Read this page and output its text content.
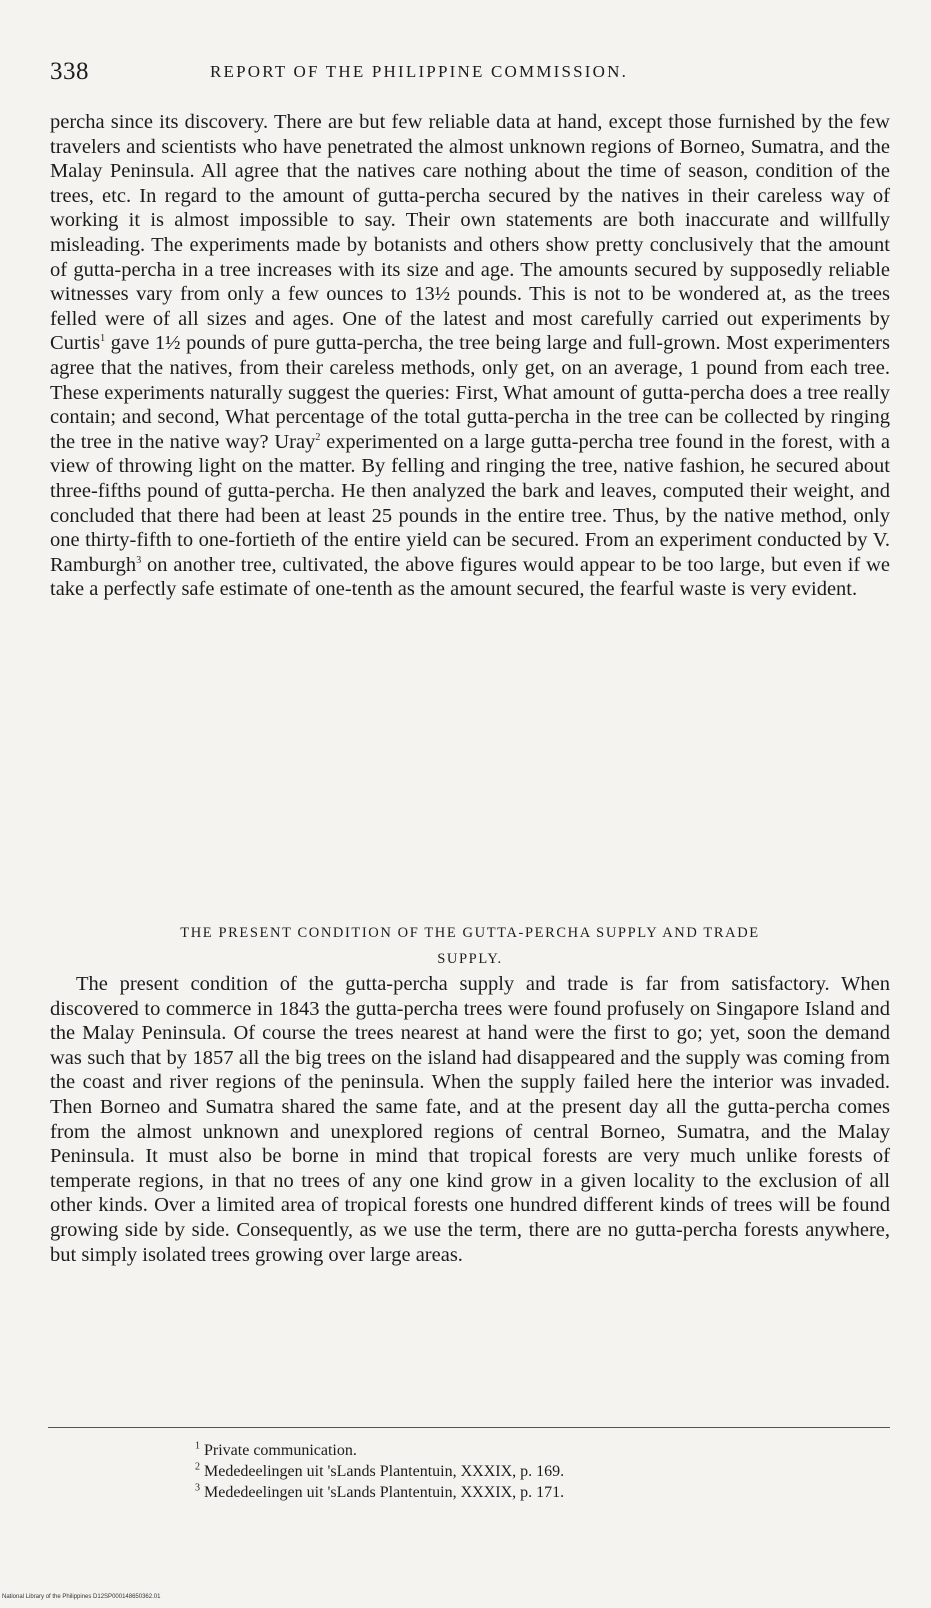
338	REPORT OF THE PHILIPPINE COMMISSION.

percha since its discovery. There are but few reliable data at hand, except those furnished by the few travelers and scientists who have penetrated the almost unknown regions of Borneo, Sumatra, and the Malay Peninsula. All agree that the natives care nothing about the time of season, condition of the trees, etc. In regard to the amount of gutta-percha secured by the natives in their careless way of working it is almost impossible to say. Their own statements are both inaccurate and willfully misleading. The experiments made by botanists and others show pretty conclusively that the amount of gutta-percha in a tree increases with its size and age. The amounts secured by supposedly reliable witnesses vary from only a few ounces to 13½ pounds. This is not to be wondered at, as the trees felled were of all sizes and ages. One of the latest and most carefully carried out experiments by Curtis$^1$ gave 1½ pounds of pure gutta-percha, the tree being large and full-grown. Most experimenters agree that the natives, from their careless methods, only get, on an average, 1 pound from each tree. These experiments naturally suggest the queries: First, What amount of gutta-percha does a tree really contain; and second, What percentage of the total gutta-percha in the tree can be collected by ringing the tree in the native way? Uray$^2$ experimented on a large gutta-percha tree found in the forest, with a view of throwing light on the matter. By felling and ringing the tree, native fashion, he secured about three-fifths pound of gutta-percha. He then analyzed the bark and leaves, computed their weight, and concluded that there had been at least 25 pounds in the entire tree. Thus, by the native method, only one thirty-fifth to one-fortieth of the entire yield can be secured. From an experiment conducted by V. Ramburgh$^3$ on another tree, cultivated, the above figures would appear to be too large, but even if we take a perfectly safe estimate of one-tenth as the amount secured, the fearful waste is very evident.

THE PRESENT CONDITION OF THE GUTTA-PERCHA SUPPLY AND TRADE
SUPPLY.

The present condition of the gutta-percha supply and trade is far from satisfactory. When discovered to commerce in 1843 the gutta-percha trees were found profusely on Singapore Island and the Malay Peninsula. Of course the trees nearest at hand were the first to go; yet, soon the demand was such that by 1857 all the big trees on the island had disappeared and the supply was coming from the coast and river regions of the peninsula. When the supply failed here the interior was invaded. Then Borneo and Sumatra shared the same fate, and at the present day all the gutta-percha comes from the almost unknown and unexplored regions of central Borneo, Sumatra, and the Malay Peninsula. It must also be borne in mind that tropical forests are very much unlike forests of temperate regions, in that no trees of any one kind grow in a given locality to the exclusion of all other kinds. Over a limited area of tropical forests one hundred different kinds of trees will be found growing side by side. Consequently, as we use the term, there are no gutta-percha forests anywhere, but simply isolated trees growing over large areas.

$^1$ Private communication.

$^2$ Mededeelingen uit 'sLands Plantentuin, XXXIX, p. 169.

$^3$ Mededeelingen uit 'sLands Plantentuin, XXXIX, p. 171.

National Library of the Philippines D12SP000148650362.01
